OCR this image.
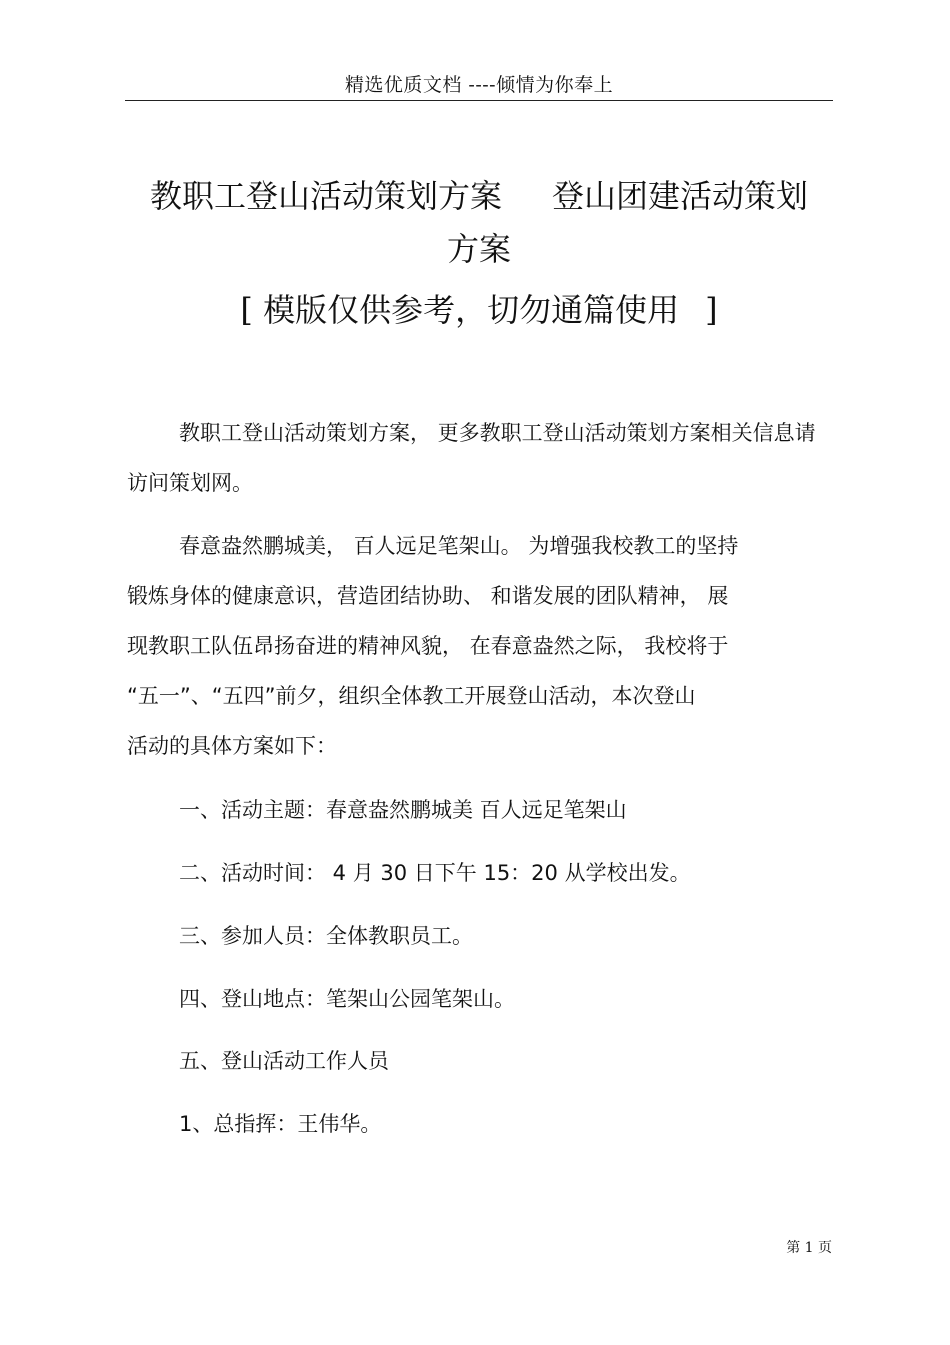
精选优质文档 ----倾情为你奉上
教职工登山活动策划方案 登山团建活动策划
方案
[ 模版仅供参考，切勿通篇使用 ]

教职工登山活动策划方案， 更多教职工登山活动策划方案相关信息请访问策划网。

春意盎然鹏城美， 百人远足笔架山。 为增强我校教工的坚持
锻炼身体的健康意识，营造团结协助、 和谐发展的团队精神， 展
现教职工队伍昂扬奋进的精神风貌， 在春意盎然之际， 我校将于
“五一”、“五四”前夕，组织全体教工开展登山活动，本次登山
活动的具体方案如下：
一、活动主题：春意盎然鹏城美 百人远足笔架山
二、活动时间： 4 月 30 日下午 15：20 从学校出发。
三、参加人员：全体教职员工。
四、登山地点：笔架山公园笔架山。
五、登山活动工作人员
1、总指挥：王伟华。
第 1 页
